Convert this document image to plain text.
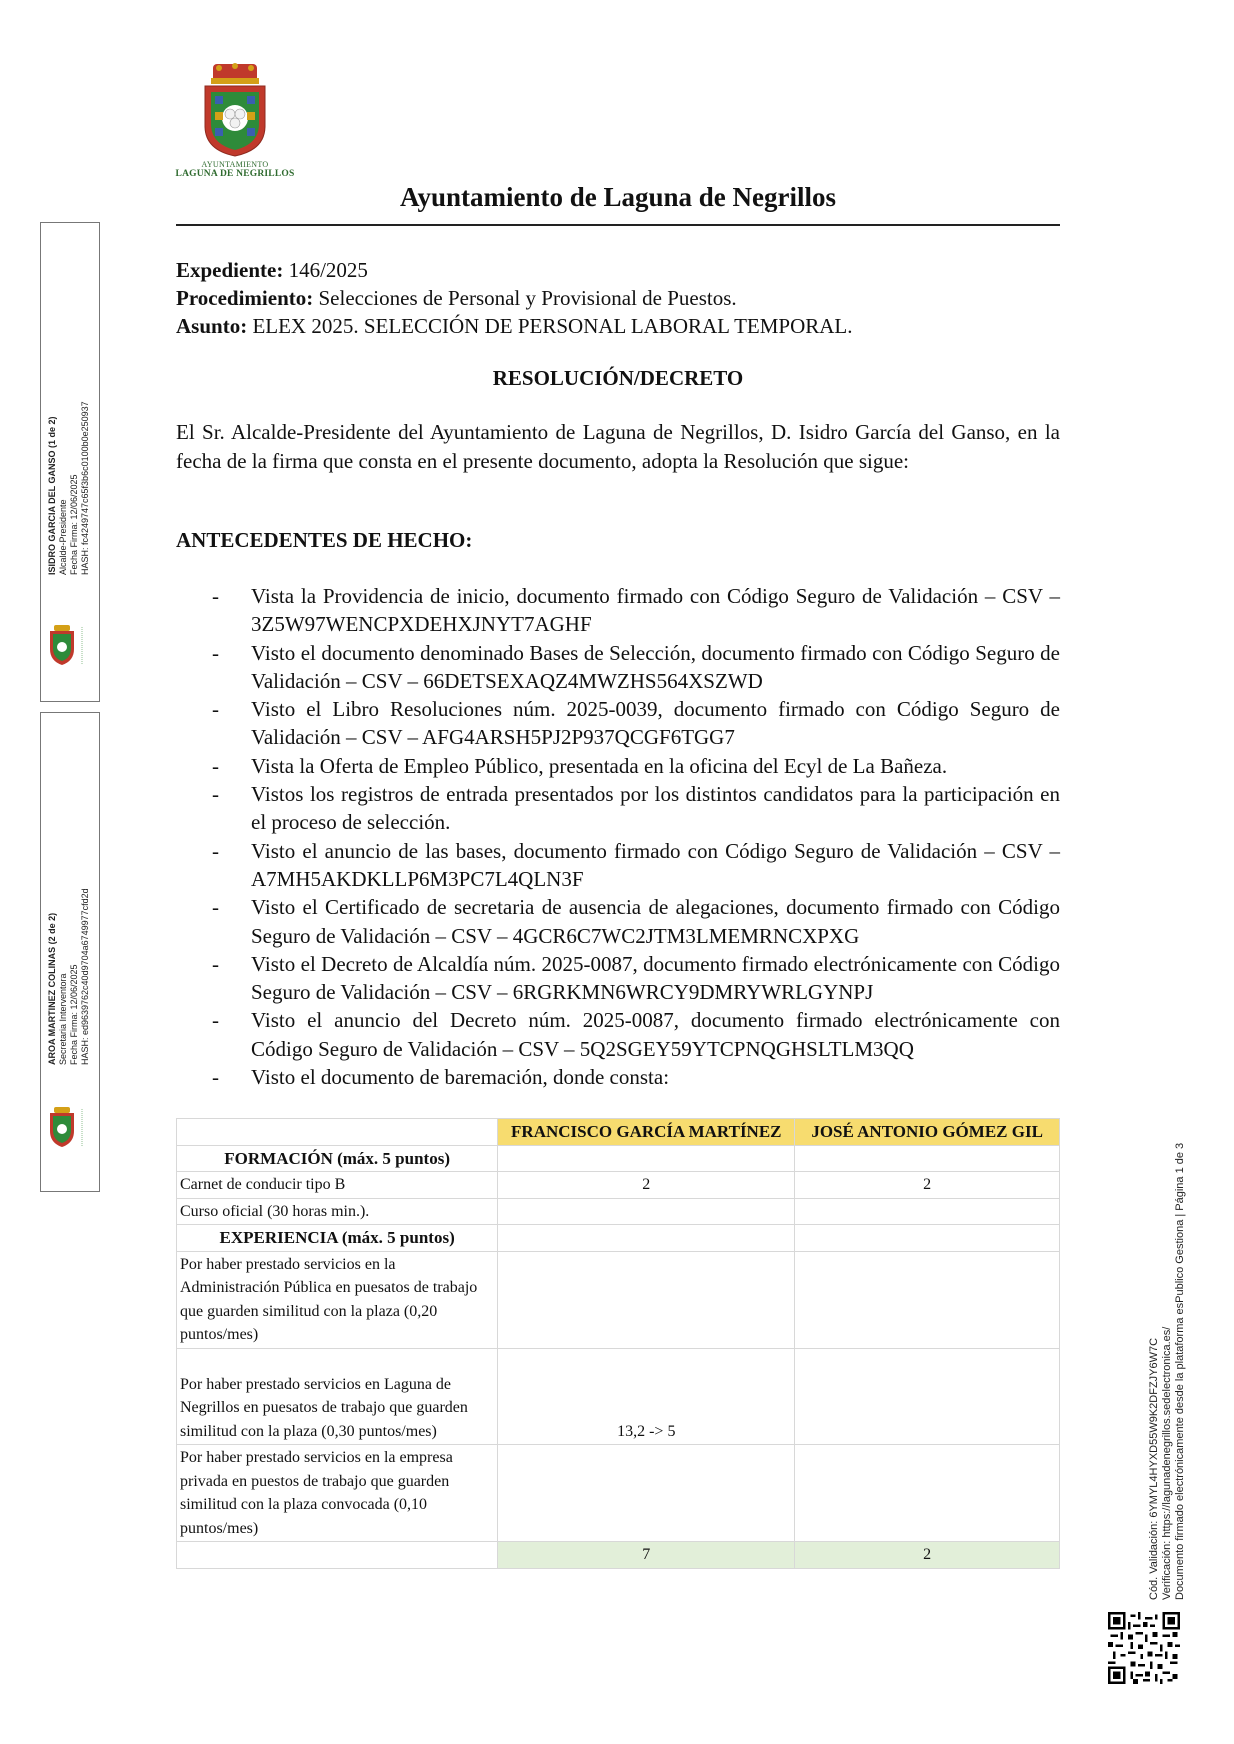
AYUNTAMIENTO
LAGUNA DE NEGRILLOS
Ayuntamiento de Laguna de Negrillos
Expediente: 146/2025
Procedimiento: Selecciones de Personal y Provisional de Puestos.
Asunto: ELEX 2025. SELECCIÓN DE PERSONAL LABORAL TEMPORAL.
RESOLUCIÓN/DECRETO
El Sr. Alcalde-Presidente del Ayuntamiento de Laguna de Negrillos, D. Isidro García del Ganso, en la fecha de la firma que consta en el presente documento, adopta la Resolución que sigue:
ANTECEDENTES DE HECHO:
- Vista la Providencia de inicio, documento firmado con Código Seguro de Validación – CSV – 3Z5W97WENCPXDEHXJNYT7AGHF
- Visto el documento denominado Bases de Selección, documento firmado con Código Seguro de Validación – CSV – 66DETSEXAQZ4MWZHS564XSZWD
- Visto el Libro Resoluciones núm. 2025-0039, documento firmado con Código Seguro de Validación – CSV – AFG4ARSH5PJ2P937QCGF6TGG7
- Vista la Oferta de Empleo Público, presentada en la oficina del Ecyl de La Bañeza.
- Vistos los registros de entrada presentados por los distintos candidatos para la participación en el proceso de selección.
- Visto el anuncio de las bases, documento firmado con Código Seguro de Validación – CSV – A7MH5AKDKLLP6M3PC7L4QLN3F
- Visto el Certificado de secretaria de ausencia de alegaciones, documento firmado con Código Seguro de Validación – CSV – 4GCR6C7WC2JTM3LMEMRNCXPXG
- Visto el Decreto de Alcaldía núm. 2025-0087, documento firmado electrónicamente con Código Seguro de Validación – CSV – 6RGRKMN6WRCY9DMRYWRLGYNPJ
- Visto el anuncio del Decreto núm. 2025-0087, documento firmado electrónicamente con Código Seguro de Validación – CSV – 5Q2SGEY59YTCPNQGHSLTLM3QQ
- Visto el documento de baremación, donde consta:
	FRANCISCO GARCÍA MARTÍNEZ	JOSÉ ANTONIO GÓMEZ GIL
FORMACIÓN (máx. 5 puntos)		
Carnet de conducir tipo B	2	2
Curso oficial (30 horas min.).		
EXPERIENCIA (máx. 5 puntos)		
Por haber prestado servicios en la Administración Pública en puesatos de trabajo que guarden similitud con la plaza (0,20 puntos/mes)		
Por haber prestado servicios en Laguna de Negrillos en puesatos de trabajo que guarden similitud con la plaza (0,30 puntos/mes)	13,2 -> 5	
Por haber prestado servicios en la empresa privada en puestos de trabajo que guarden similitud con la plaza convocada (0,10 puntos/mes)		
	7	2
ISIDRO GARCIA DEL GANSO (1 de 2)
Alcalde-Presidente
Fecha Firma: 12/06/2025
HASH: fc4249747c65f3b6c0100b0e250937
AROA MARTINEZ COLINAS (2 de 2)
Secretaria Interventora
Fecha Firma: 12/06/2025
HASH: ed9639762c40d9704a6749977cfd2d
Cód. Validación: 6YMYL4HYXD55W9K2DFZJY6W7C Verificación: https://lagunadenegrillos.sedelectronica.es/ Documento firmado electrónicamente desde la plataforma esPublico Gestiona | Página 1 de 3
